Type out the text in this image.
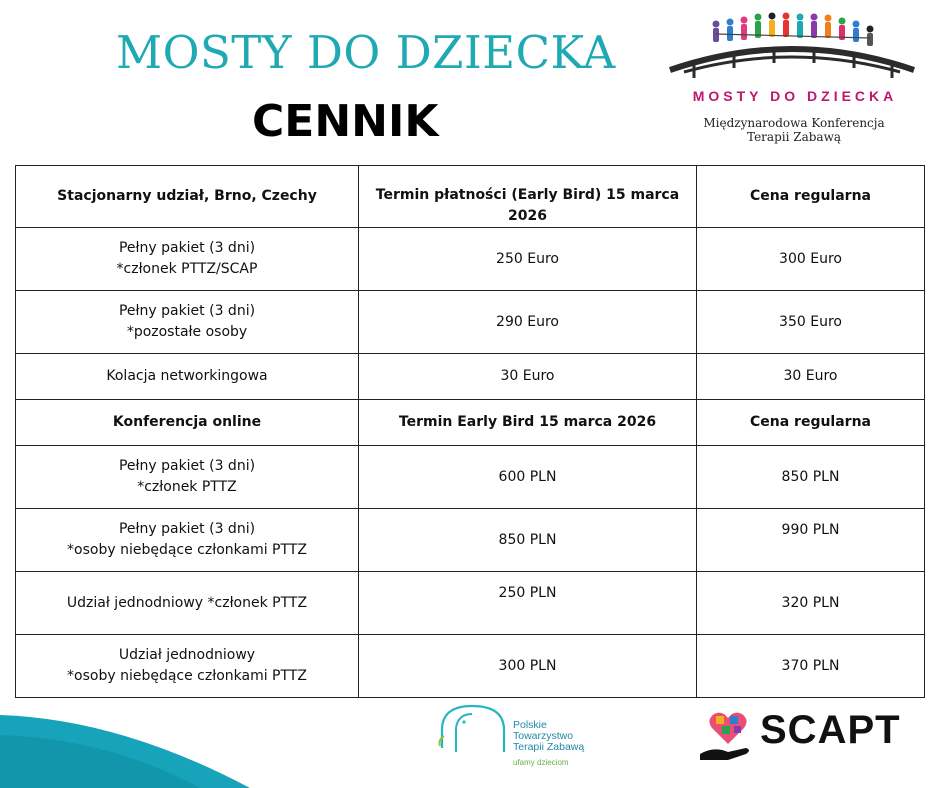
MOSTY DO DZIECKA
CENNIK	MOSTY DO DZIECKA
Międzynarodowa Konferencja
Terapii Zabawą
Stacjonarny udział, Brno, Czechy	Termin płatności (Early Bird) 15 marca 2026	Cena regularna

Pełny pakiet (3 dni)
*członek PTTZ/SCAP	250 Euro	300 Euro

Pełny pakiet (3 dni)
*pozostałe osoby	290 Euro	350 Euro
Kolacja networkingowa	30 Euro	30 Euro
Konferencja online	Termin Early Bird 15 marca 2026	Cena regularna

Pełny pakiet (3 dni)
*członek PTTZ	600 PLN	850 PLN

Pełny pakiet (3 dni)
*osoby niebędące członkami PTTZ	850 PLN	990 PLN
Udział jednodniowy *członek PTTZ	250 PLN	320 PLN

Udział jednodniowy
*osoby niebędące członkami PTTZ	300 PLN	370 PLN
Polskie
Towarzystwo
Terapii Zabawą
ufamy dzieciom
SCAPT
